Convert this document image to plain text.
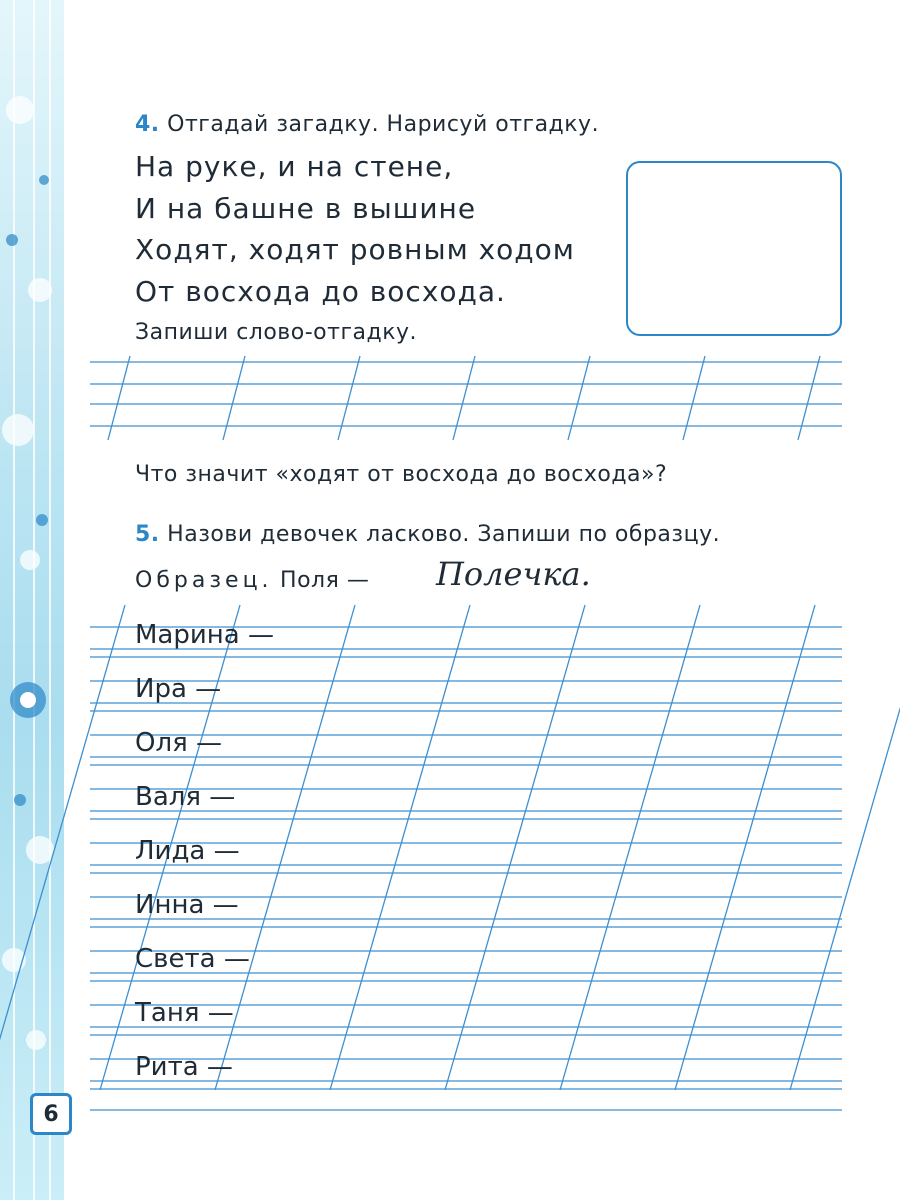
6
4. Отгадай загадку. Нарисуй отгадку.
На руке, и на стене,
И на башне в вышине
Ходят, ходят ровным ходом
От восхода до восхода.
Запиши слово-отгадку.
Что значит «ходят от восхода до восхода»?
5. Назови девочек ласково. Запиши по образцу.
Образец. Поля — Полечка.
Марина —
Ира —
Оля —
Валя —
Лида —
Инна —
Света —
Таня —
Рита —
